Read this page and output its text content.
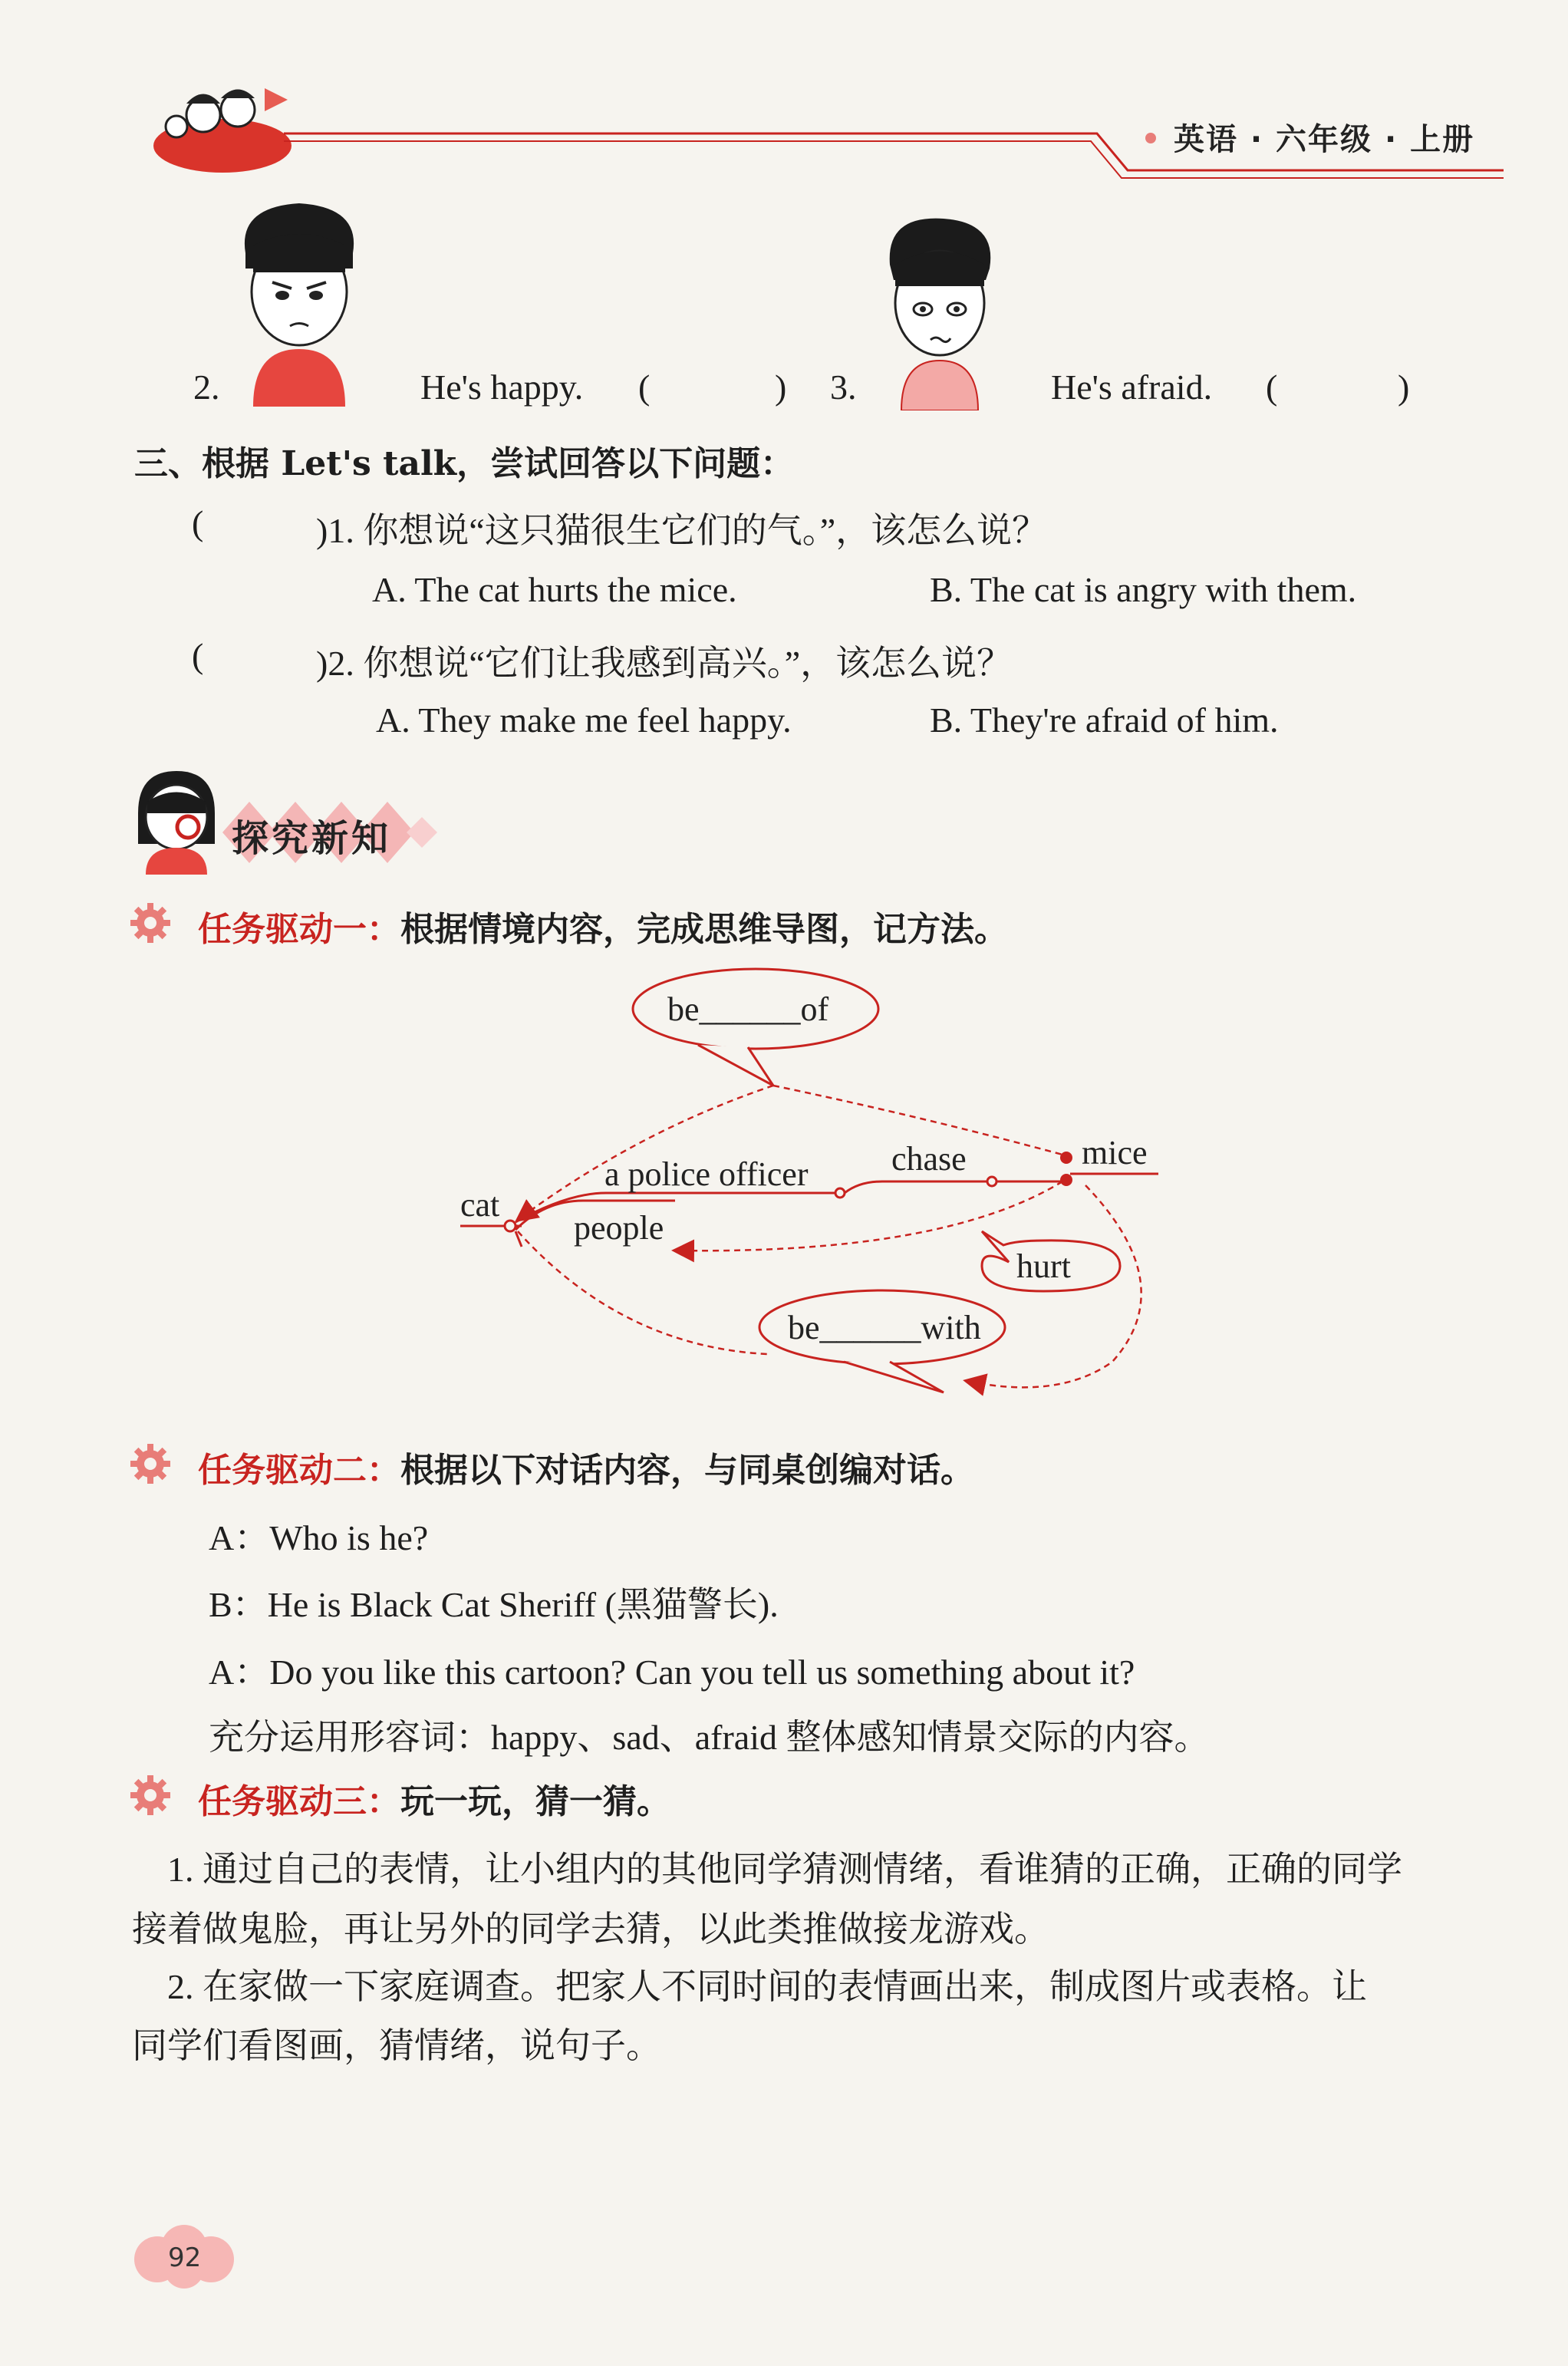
英语 · 六年级 · 上册
2.	He's happy. (	) 3.	He's afraid. (	)
三、根据 Let's talk，尝试回答以下问题：
(	)1. 你想说“这只猫很生它们的气。”，该怎么说？
A. The cat hurts the mice.	B. The cat is angry with them.
(	)2. 你想说“它们让我感到高兴。”，该怎么说？
A. They make me feel happy.	B. They're afraid of him.
探究新知
任务驱动一：根据情境内容，完成思维导图，记方法。
be______of
cat
a police officer chase	mice
people
hurt
be______with
任务驱动二：根据以下对话内容，与同桌创编对话。
A：Who is he?
B：He is Black Cat Sheriff (黑猫警长).
A：Do you like this cartoon? Can you tell us something about it?
充分运用形容词：happy、sad、afraid 整体感知情景交际的内容。
任务驱动三：玩一玩，猜一猜。
1. 通过自己的表情，让小组内的其他同学猜测情绪，看谁猜的正确，正确的同学
接着做鬼脸，再让另外的同学去猜，以此类推做接龙游戏。
2. 在家做一下家庭调查。把家人不同时间的表情画出来，制成图片或表格。让
同学们看图画，猜情绪，说句子。
92
